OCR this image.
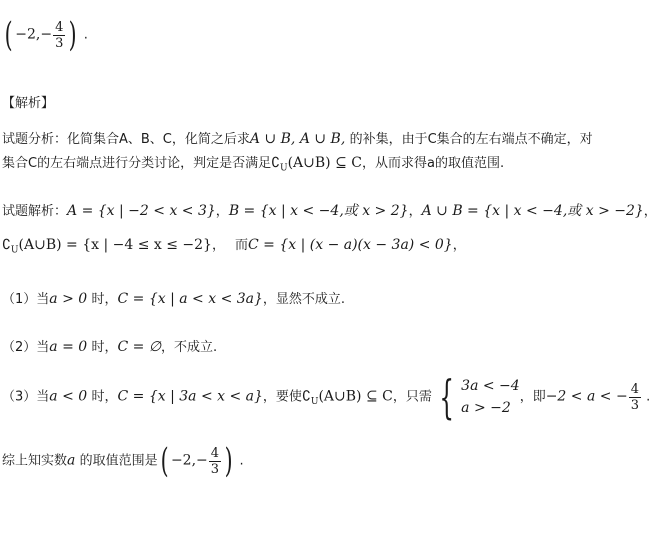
( $-2,- \frac{4}{3}$ ) .
【解析】
试题分析：化简集合A、B、C，化简之后求A ∪ B, A ∪ B, 的补集，由于C集合的左右端点不确定，对
集合C的左右端点进行分类讨论，判定是否满足$∁_U(A\cup B)$ ⊆ C，从而求得a的取值范围.
试题解析：A = {x | −2 < x < 3}，B = {x | x < −4,或 x > 2}，A ∪ B = {x | x < −4,或 x > −2}，
$∁_U(A\cup B) = \{x$ | −4 ≤ x ≤ −2}， 而C = {x | (x − a)(x − 3a) < 0}，
（1）当a > 0 时，C = {x | a < x < 3a}，显然不成立.
（2）当a = 0 时，C = ∅，不成立.
（3）当a < 0 时，C = {x | 3a < x < a}，要使$∁_U(A\cup B)$ ⊆ C，只需 { 3a < −4
a > −2
，即−2 < a < − $\frac{4}{3}$ .
综上知实数a 的取值范围是( $-2,- \frac{4}{3}$ ) .
